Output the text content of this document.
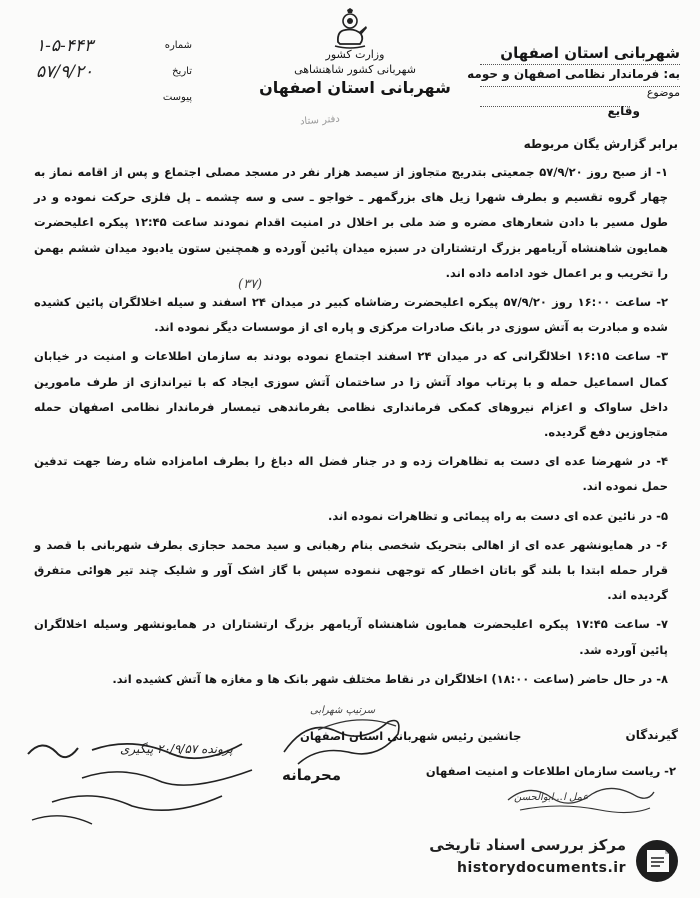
وزارت کشور
شهربانی کشور شاهنشاهی
شهربانی استان اصفهان
دفتر ستاد
شهربانی استان اصفهان
به: فرماندار نظامی اصفهان و حومه
موضوع
وقایع
شماره
۱-۵-۴۴۳
تاریخ
۵۷/۹/۲۰
پیوست
برابر گزارش یگان مربوطه

۱- از صبح روز ۵۷/۹/۲۰ جمعیتی بتدریج متجاوز از سیصد هزار نفر در مسجد مصلی اجتماع و پس از اقامه نماز به چهار گروه تقسیم و بطرف شهرا زیل های بزرگمهر ـ خواجو ـ سی و سه چشمه ـ پل فلزی حرکت نموده و در طول مسیر با دادن شعارهای مضره و ضد ملی بر اخلال در امنیت اقدام نمودند ساعت ۱۲:۴۵ پیکره اعلیحضرت همایون شاهنشاه آریامهر بزرگ ارتشتاران در سبزه میدان پائین آورده و همچنین ستون یادبود میدان ششم بهمن را تخریب و بر اعمال خود ادامه داده اند.

۲- ساعت ۱۶:۰۰ روز ۵۷/۹/۲۰ پیکره اعلیحضرت رضاشاه کبیر در میدان ۲۴ اسفند و سیله اخلالگران پائین کشیده شده و مبادرت به آتش سوزی در بانک صادرات مرکزی و پاره ای از موسسات دیگر نموده اند.

۳- ساعت ۱۶:۱۵ اخلالگرانی که در میدان ۲۴ اسفند اجتماع نموده بودند به سازمان اطلاعات و امنیت در خیابان کمال اسماعیل حمله و با پرتاب مواد آتش زا در ساختمان آتش سوزی ایجاد که با تیراندازی از طرف مامورین داخل ساواک و اعزام نیروهای کمکی فرمانداری نظامی بفرماندهی تیمسار فرماندار نظامی اصفهان حمله متجاوزین دفع گردیده.

۴- در شهرضا عده ای دست به تظاهرات زده و در جنار فضل اله دباغ را بطرف امامزاده شاه رضا جهت تدفین حمل نموده اند.

۵- در نائین عده ای دست به راه پیمائی و تظاهرات نموده اند.

۶- در همایونشهر عده ای از اهالی بتحریک شخصی بنام رهبانی و سید محمد حجازی بطرف شهربانی با قصد و قرار حمله ابتدا با بلند گو باتان اخطار که توجهی ننموده سپس با گاز اشک آور و شلیک چند تیر هوائی متفرق گردیده اند.

۷- ساعت ۱۷:۴۵ پیکره اعلیحضرت همایون شاهنشاه آریامهر بزرگ ارتشتاران در همایونشهر وسیله اخلالگران پائین آورده شد.

۸- در حال حاضر (ساعت ۱۸:۰۰) اخلالگران در نقاط مختلف شهر بانک ها و مغازه ها آتش کشیده اند.

(۳۷)
سرتیپ شهرابی
گیرندگان
جانشین رئیس شهربانی استان اصفهان
۲- ریاست سازمان اطلاعات و امنیت اصفهان
محرمانه
عمل ا...ابوالحسن
پرونده ۲۰/۹/۵۷ پیگیری
مرکز بررسی اسناد تاریخی
historydocuments.ir
